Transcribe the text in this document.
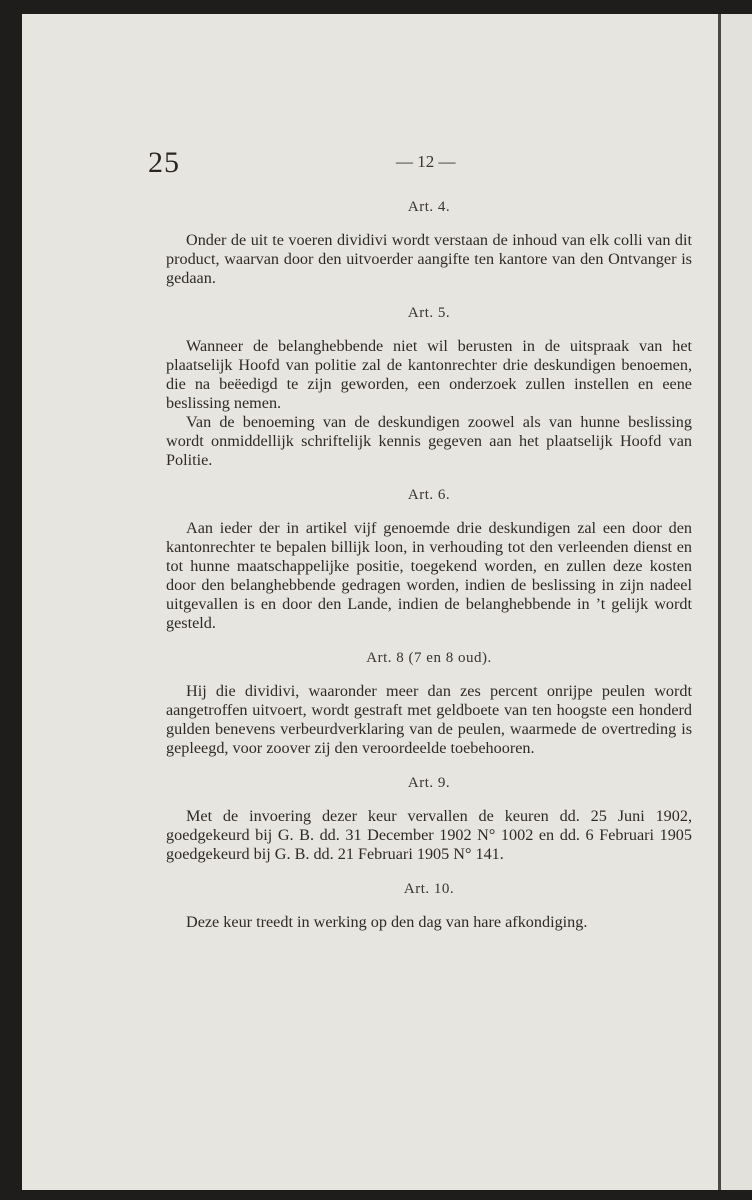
25	— 12 —
Art. 4.

Onder de uit te voeren dividivi wordt verstaan de inhoud van elk colli van dit product, waarvan door den uitvoerder aangifte ten kantore van den Ontvanger is gedaan.

Art. 5.

Wanneer de belanghebbende niet wil berusten in de uitspraak van het plaatselijk Hoofd van politie zal de kantonrechter drie deskundigen benoemen, die na beëedigd te zijn geworden, een onderzoek zullen instellen en eene beslissing nemen.

Van de benoeming van de deskundigen zoowel als van hunne beslissing wordt onmiddellijk schriftelijk kennis gegeven aan het plaatselijk Hoofd van Politie.

Art. 6.

Aan ieder der in artikel vijf genoemde drie deskundigen zal een door den kantonrechter te bepalen billijk loon, in verhouding tot den verleenden dienst en tot hunne maatschappelijke positie, toegekend worden, en zullen deze kosten door den belanghebbende gedragen worden, indien de beslissing in zijn nadeel uitgevallen is en door den Lande, indien de belanghebbende in ’t gelijk wordt gesteld.

Art. 8 (7 en 8 oud).

Hij die dividivi, waaronder meer dan zes percent onrijpe peulen wordt aangetroffen uitvoert, wordt gestraft met geldboete van ten hoogste een honderd gulden benevens verbeurdverklaring van de peulen, waarmede de overtreding is gepleegd, voor zoover zij den veroordeelde toebehooren.

Art. 9.

Met de invoering dezer keur vervallen de keuren dd. 25 Juni 1902, goedgekeurd bij G. B. dd. 31 December 1902 N° 1002 en dd. 6 Februari 1905 goedgekeurd bij G. B. dd. 21 Februari 1905 N° 141.

Art. 10.

Deze keur treedt in werking op den dag van hare afkondiging.
